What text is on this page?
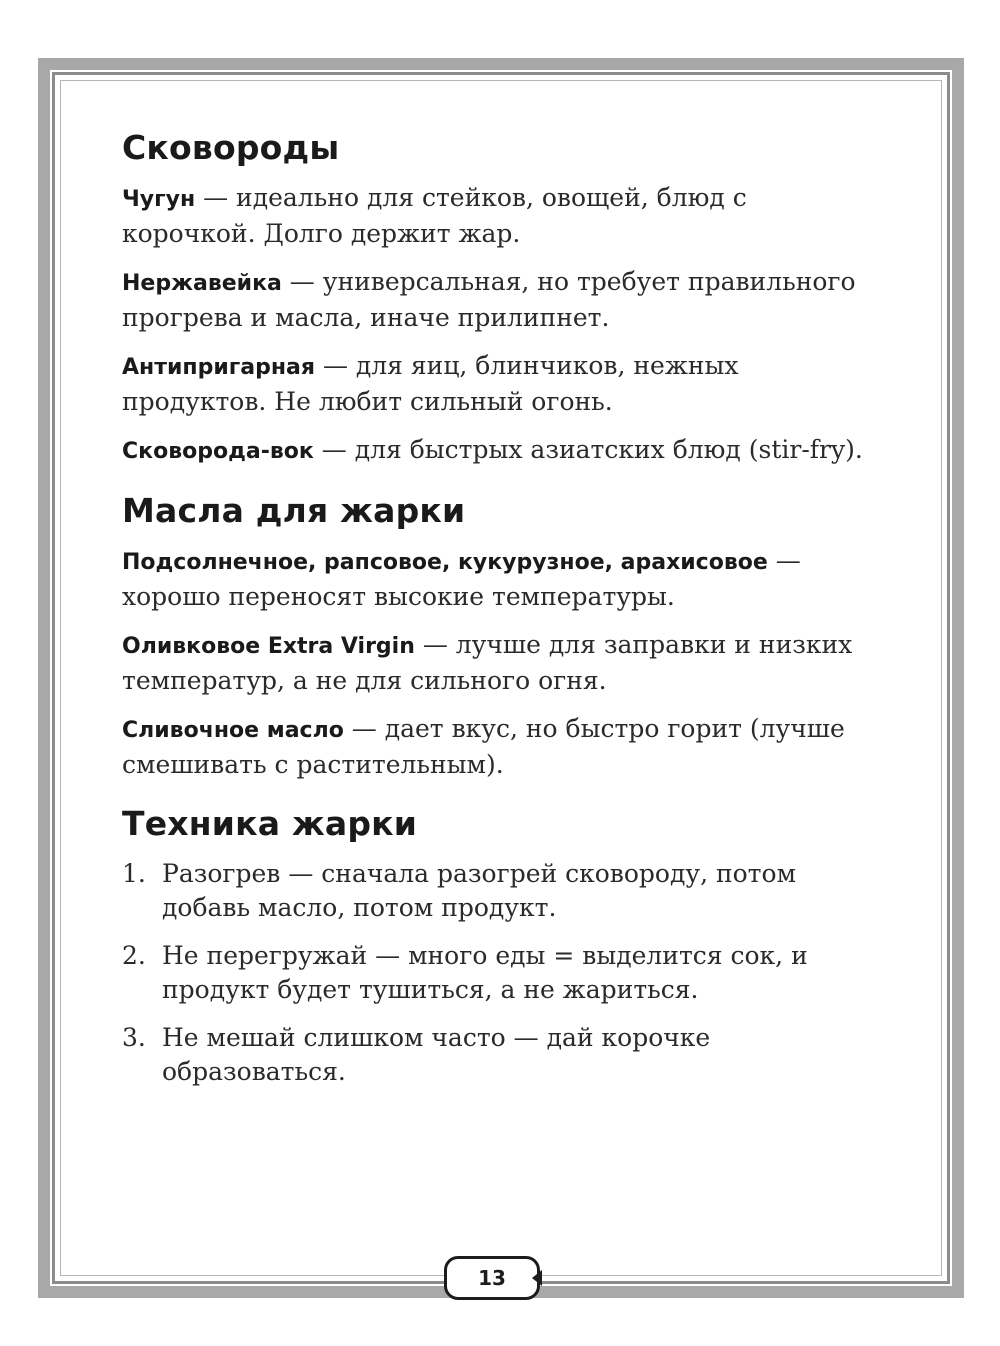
Сковороды

Чугун — идеально для стейков, овощей, блюд с корочкой. Долго держит жар.

Нержавейка — универсальная, но требует правильного прогрева и масла, иначе прилипнет.

Антипригарная — для яиц, блинчиков, нежных продуктов. Не любит сильный огонь.

Сковорода-вок — для быстрых азиатских блюд (stir-fry).

Масла для жарки

Подсолнечное, рапсовое, кукурузное, арахисовое — хорошо переносят высокие температуры.

Оливковое Extra Virgin — лучше для заправки и низких температур, а не для сильного огня.

Сливочное масло — дает вкус, но быстро горит (лучше смешивать с растительным).

Техника жарки
1. Разогрев — сначала разогрей сковороду, потом добавь масло, потом продукт.
2. Не перегружай — много еды = выделится сок, и продукт будет тушиться, а не жариться.
3. Не мешай слишком часто — дай корочке образоваться.
13
